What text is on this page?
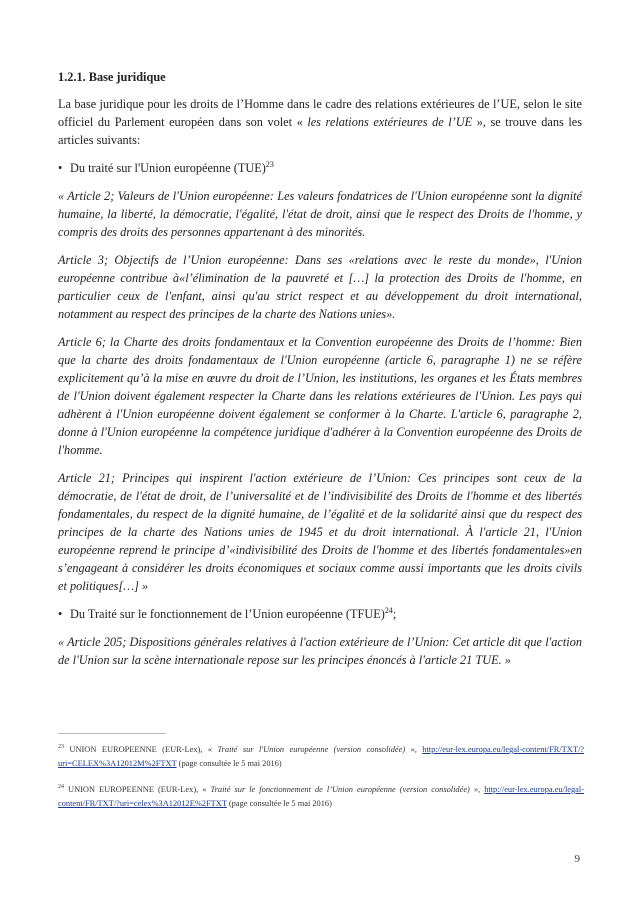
1.2.1. Base juridique

La base juridique pour les droits de l’Homme dans le cadre des relations extérieures de l’UE, selon le site officiel du Parlement européen dans son volet « les relations extérieures de l’UE », se trouve dans les articles suivants:

• Du traité sur l'Union européenne (TUE)$^{23}$

« Article 2; Valeurs de l'Union européenne: Les valeurs fondatrices de l'Union européenne sont la dignité humaine, la liberté, la démocratie, l'égalité, l'état de droit, ainsi que le respect des Droits de l'homme, y compris des droits des personnes appartenant à des minorités.

Article 3; Objectifs de l’Union européenne: Dans ses «relations avec le reste du monde», l'Union européenne contribue à«l’élimination de la pauvreté et […] la protection des Droits de l'homme, en particulier ceux de l'enfant, ainsi qu'au strict respect et au développement du droit international, notamment au respect des principes de la charte des Nations unies».

Article 6; la Charte des droits fondamentaux et la Convention européenne des Droits de l’homme: Bien que la charte des droits fondamentaux de l'Union européenne (article 6, paragraphe 1) ne se réfère explicitement qu’à la mise en œuvre du droit de l’Union, les institutions, les organes et les États membres de l'Union doivent également respecter la Charte dans les relations extérieures de l'Union. Les pays qui adhèrent à l'Union européenne doivent également se conformer à la Charte. L'article 6, paragraphe 2, donne à l'Union européenne la compétence juridique d'adhérer à la Convention européenne des Droits de l'homme.

Article 21; Principes qui inspirent l'action extérieure de l’Union: Ces principes sont ceux de la démocratie, de l'état de droit, de l’universalité et de l’indivisibilité des Droits de l'homme et des libertés fondamentales, du respect de la dignité humaine, de l’égalité et de la solidarité ainsi que du respect des principes de la charte des Nations unies de 1945 et du droit international. À l'article 21, l'Union européenne reprend le principe d’«indivisibilité des Droits de l'homme et des libertés fondamentales»en s’engageant à considérer les droits économiques et sociaux comme aussi importants que les droits civils et politiques[…] »

• Du Traité sur le fonctionnement de l’Union européenne (TFUE)$^{24}$;

« Article 205; Dispositions générales relatives à l'action extérieure de l’Union: Cet article dit que l'action de l'Union sur la scène internationale repose sur les principes énoncés à l'article 21 TUE. »

$^{23}$ UNION EUROPEENNE (EUR-Lex), « Traité sur l'Union européenne (version consolidée) », http://eur-lex.europa.eu/legal-content/FR/TXT/?uri=CELEX%3A12012M%2FTXT (page consultée le 5 mai 2016)
$^{24}$ UNION EUROPEENNE (EUR-Lex), « Traité sur le fonctionnement de l’Union européenne (version consolidée) », http://eur-lex.europa.eu/legal-content/FR/TXT/?uri=celex%3A12012E%2FTXT (page consultée le 5 mai 2016)
9
